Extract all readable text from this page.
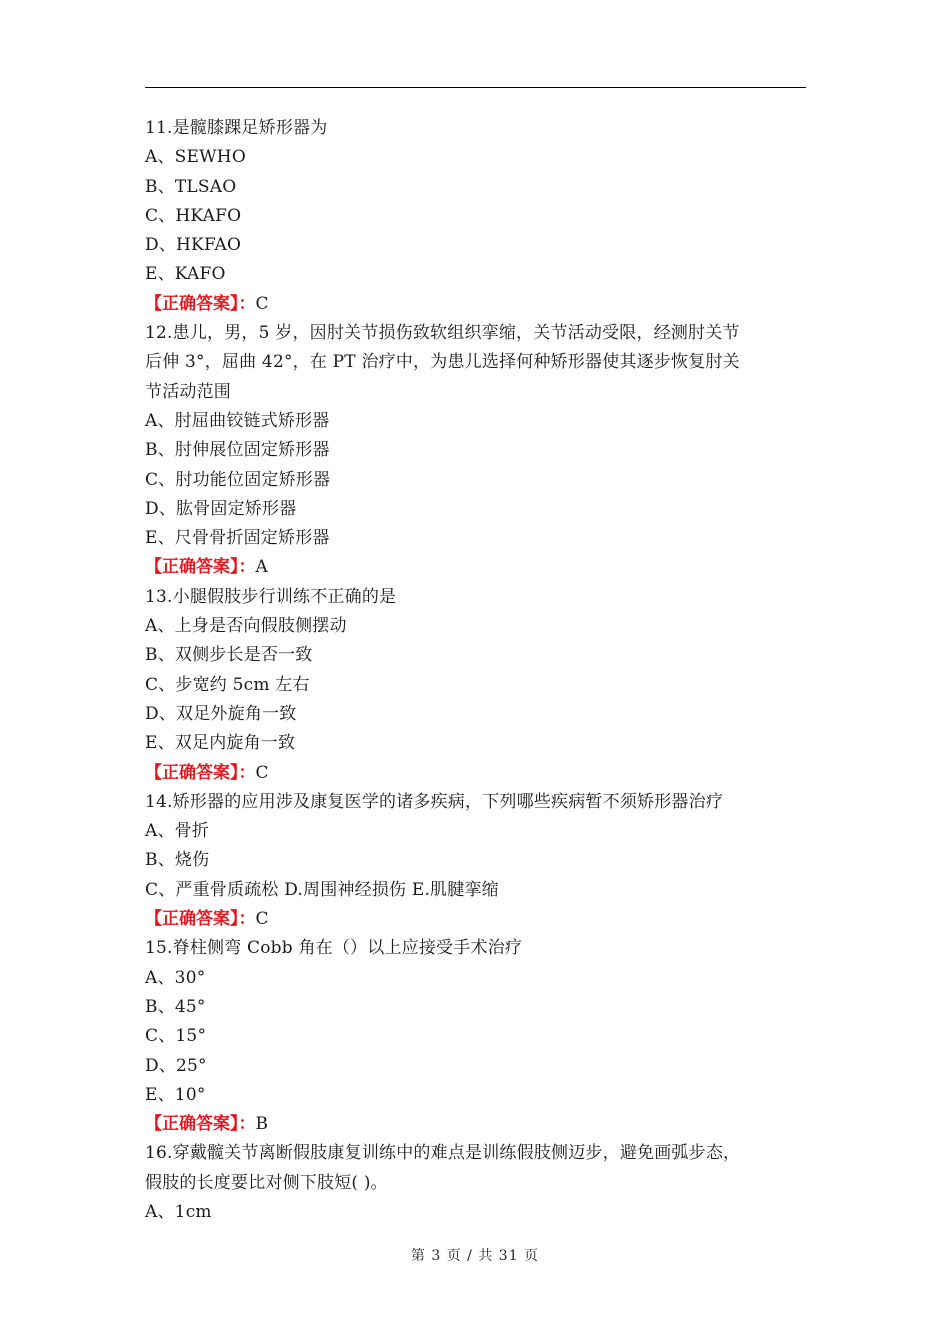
11.是髋膝踝足矫形器为
A、SEWHO
B、TLSAO
C、HKAFO
D、HKFAO
E、KAFO
【正确答案】：C
12.患儿，男，5 岁，因肘关节损伤致软组织挛缩，关节活动受限，经测肘关节
后伸 3°，屈曲 42°，在 PT 治疗中，为患儿选择何种矫形器使其逐步恢复肘关
节活动范围
A、肘屈曲铰链式矫形器
B、肘伸展位固定矫形器
C、肘功能位固定矫形器
D、肱骨固定矫形器
E、尺骨骨折固定矫形器
【正确答案】：A
13.小腿假肢步行训练不正确的是
A、上身是否向假肢侧摆动
B、双侧步长是否一致
C、步宽约 5cm 左右
D、双足外旋角一致
E、双足内旋角一致
【正确答案】：C
14.矫形器的应用涉及康复医学的诸多疾病，下列哪些疾病暂不须矫形器治疗
A、骨折
B、烧伤
C、严重骨质疏松 D.周围神经损伤 E.肌腱挛缩
【正确答案】：C
15.脊柱侧弯 Cobb 角在（）以上应接受手术治疗
A、30°
B、45°
C、15°
D、25°
E、10°
【正确答案】：B
16.穿戴髋关节离断假肢康复训练中的难点是训练假肢侧迈步，避免画弧步态，
假肢的长度要比对侧下肢短( )。
A、1cm
第 3 页 / 共 31 页
